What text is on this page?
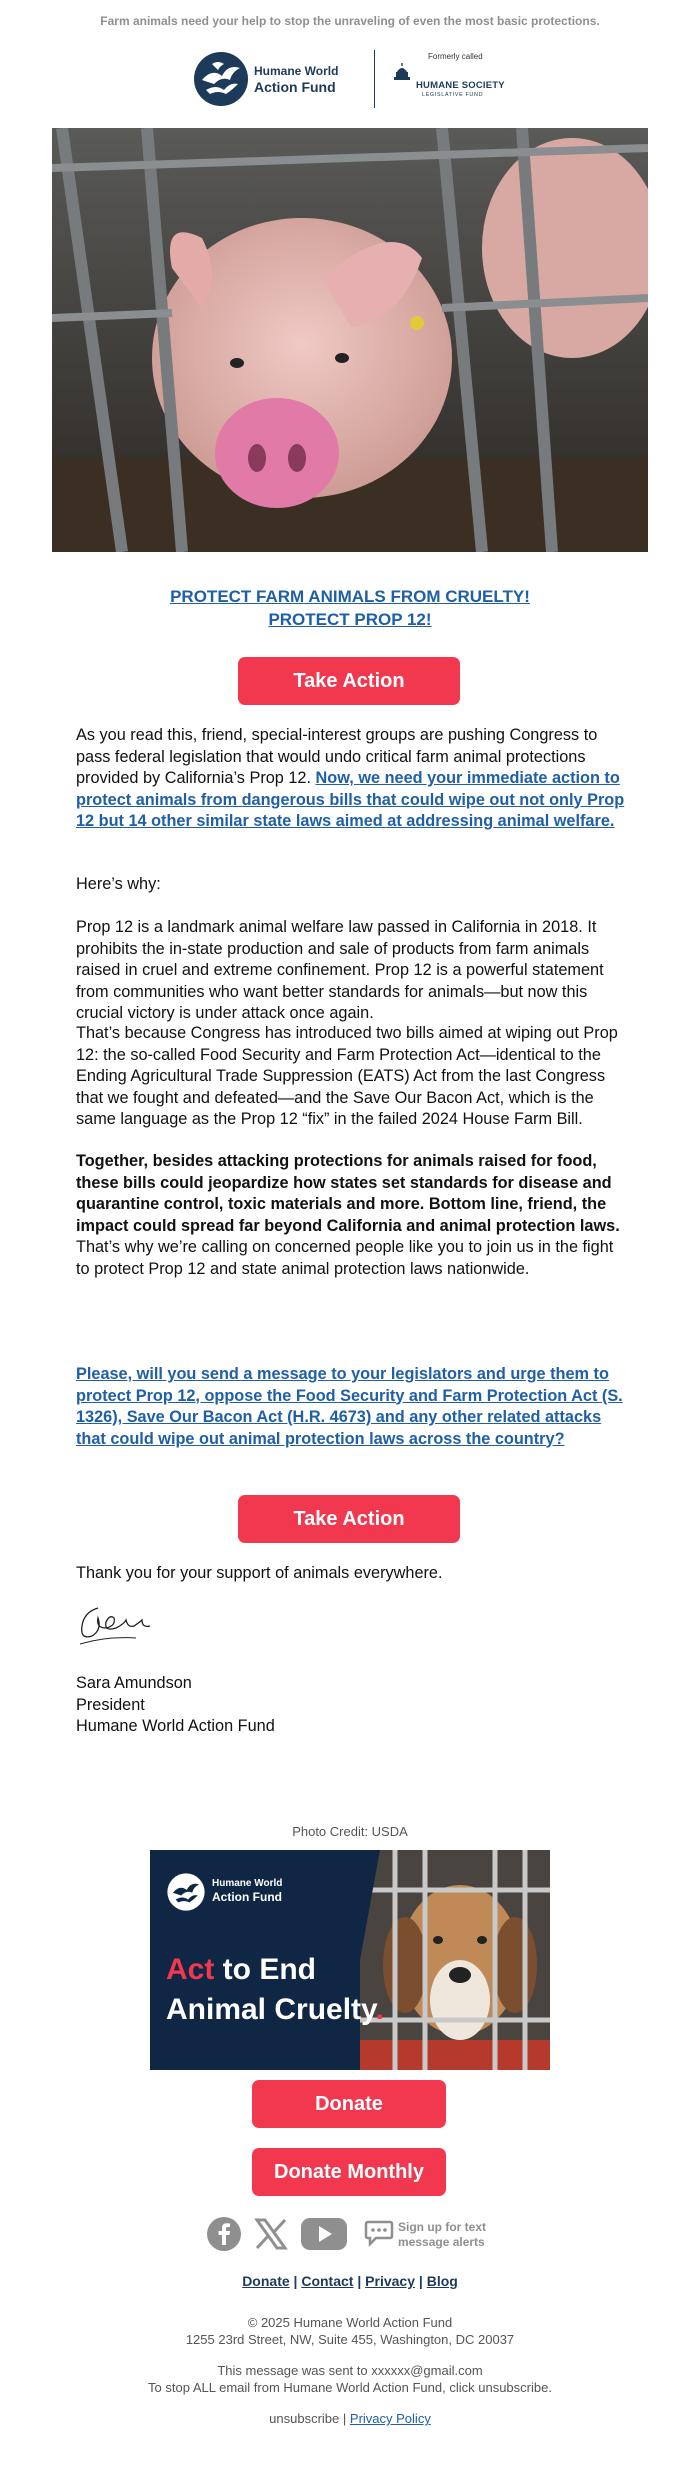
Farm animals need your help to stop the unraveling of even the most basic protections.
Humane World
Action Fund
Formerly called
HUMANE SOCIETY
LEGISLATIVE FUND
PROTECT FARM ANIMALS FROM CRUELTY!
PROTECT PROP 12!
Take Action
As you read this, friend, special-interest groups are pushing Congress to pass federal legislation that would undo critical farm animal protections provided by California’s Prop 12. Now, we need your immediate action to protect animals from dangerous bills that could wipe out not only Prop 12 but 14 other similar state laws aimed at addressing animal welfare.
Here’s why:
Prop 12 is a landmark animal welfare law passed in California in 2018. It prohibits the in-state production and sale of products from farm animals raised in cruel and extreme confinement. Prop 12 is a powerful statement from communities who want better standards for animals—but now this crucial victory is under attack once again.
That’s because Congress has introduced two bills aimed at wiping out Prop 12: the so-called Food Security and Farm Protection Act—identical to the Ending Agricultural Trade Suppression (EATS) Act from the last Congress that we fought and defeated—and the Save Our Bacon Act, which is the same language as the Prop 12 “fix” in the failed 2024 House Farm Bill.
Together, besides attacking protections for animals raised for food, these bills could jeopardize how states set standards for disease and quarantine control, toxic materials and more. Bottom line, friend, the impact could spread far beyond California and animal protection laws. That’s why we’re calling on concerned people like you to join us in the fight to protect Prop 12 and state animal protection laws nationwide.
Please, will you send a message to your legislators and urge them to protect Prop 12, oppose the Food Security and Farm Protection Act (S. 1326), Save Our Bacon Act (H.R. 4673) and any other related attacks that could wipe out animal protection laws across the country?
Take Action
Thank you for your support of animals everywhere.
Sara Amundson
President
Humane World Action Fund
Photo Credit: USDA
Humane World
Action Fund
Act to End
Animal Cruelty.
Donate
Donate Monthly
Sign up for text
message alerts
Donate | Contact | Privacy | Blog
© 2025 Humane World Action Fund
1255 23rd Street, NW, Suite 455, Washington, DC 20037
This message was sent to xxxxxx@gmail.com
To stop ALL email from Humane World Action Fund, click unsubscribe.
unsubscribe | Privacy Policy
